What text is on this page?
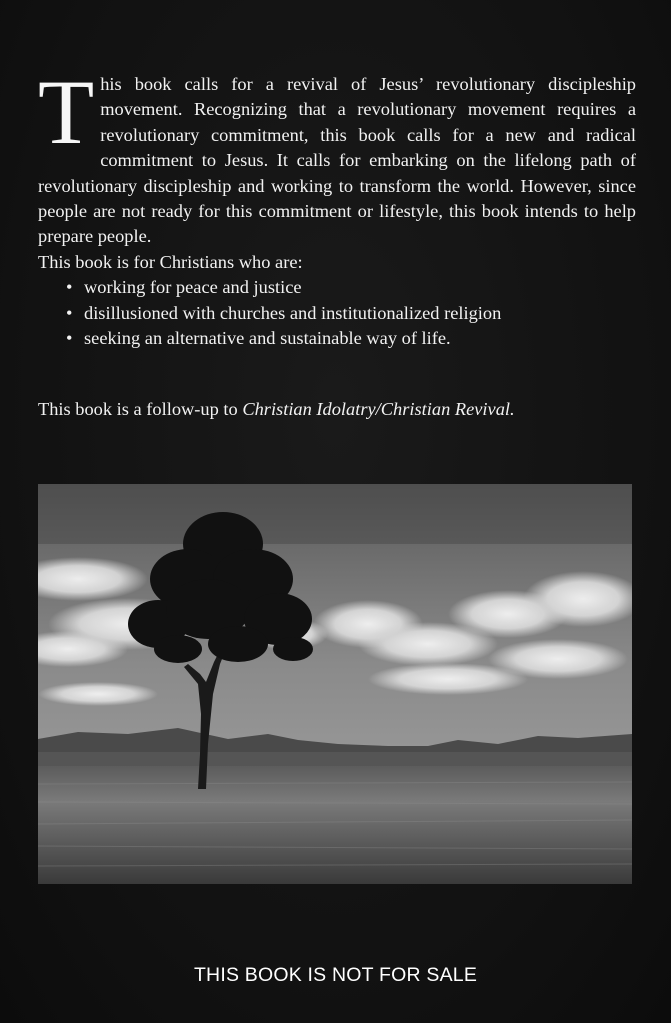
T his book calls for a revival of Jesus’ revolutionary discipleship movement. Recognizing that a revolutionary movement requires a revolutionary commitment, this book calls for a new and radical commitment to Jesus. It calls for embarking on the lifelong path of revolutionary discipleship and working to transform the world. However, since people are not ready for this commitment or lifestyle, this book intends to help prepare people.
This book is for Christians who are:
• working for peace and justice
• disillusioned with churches and institutionalized religion
• seeking an alternative and sustainable way of life.
This book is a follow-up to Christian Idolatry/Christian Revival.
THIS BOOK IS NOT FOR SALE
